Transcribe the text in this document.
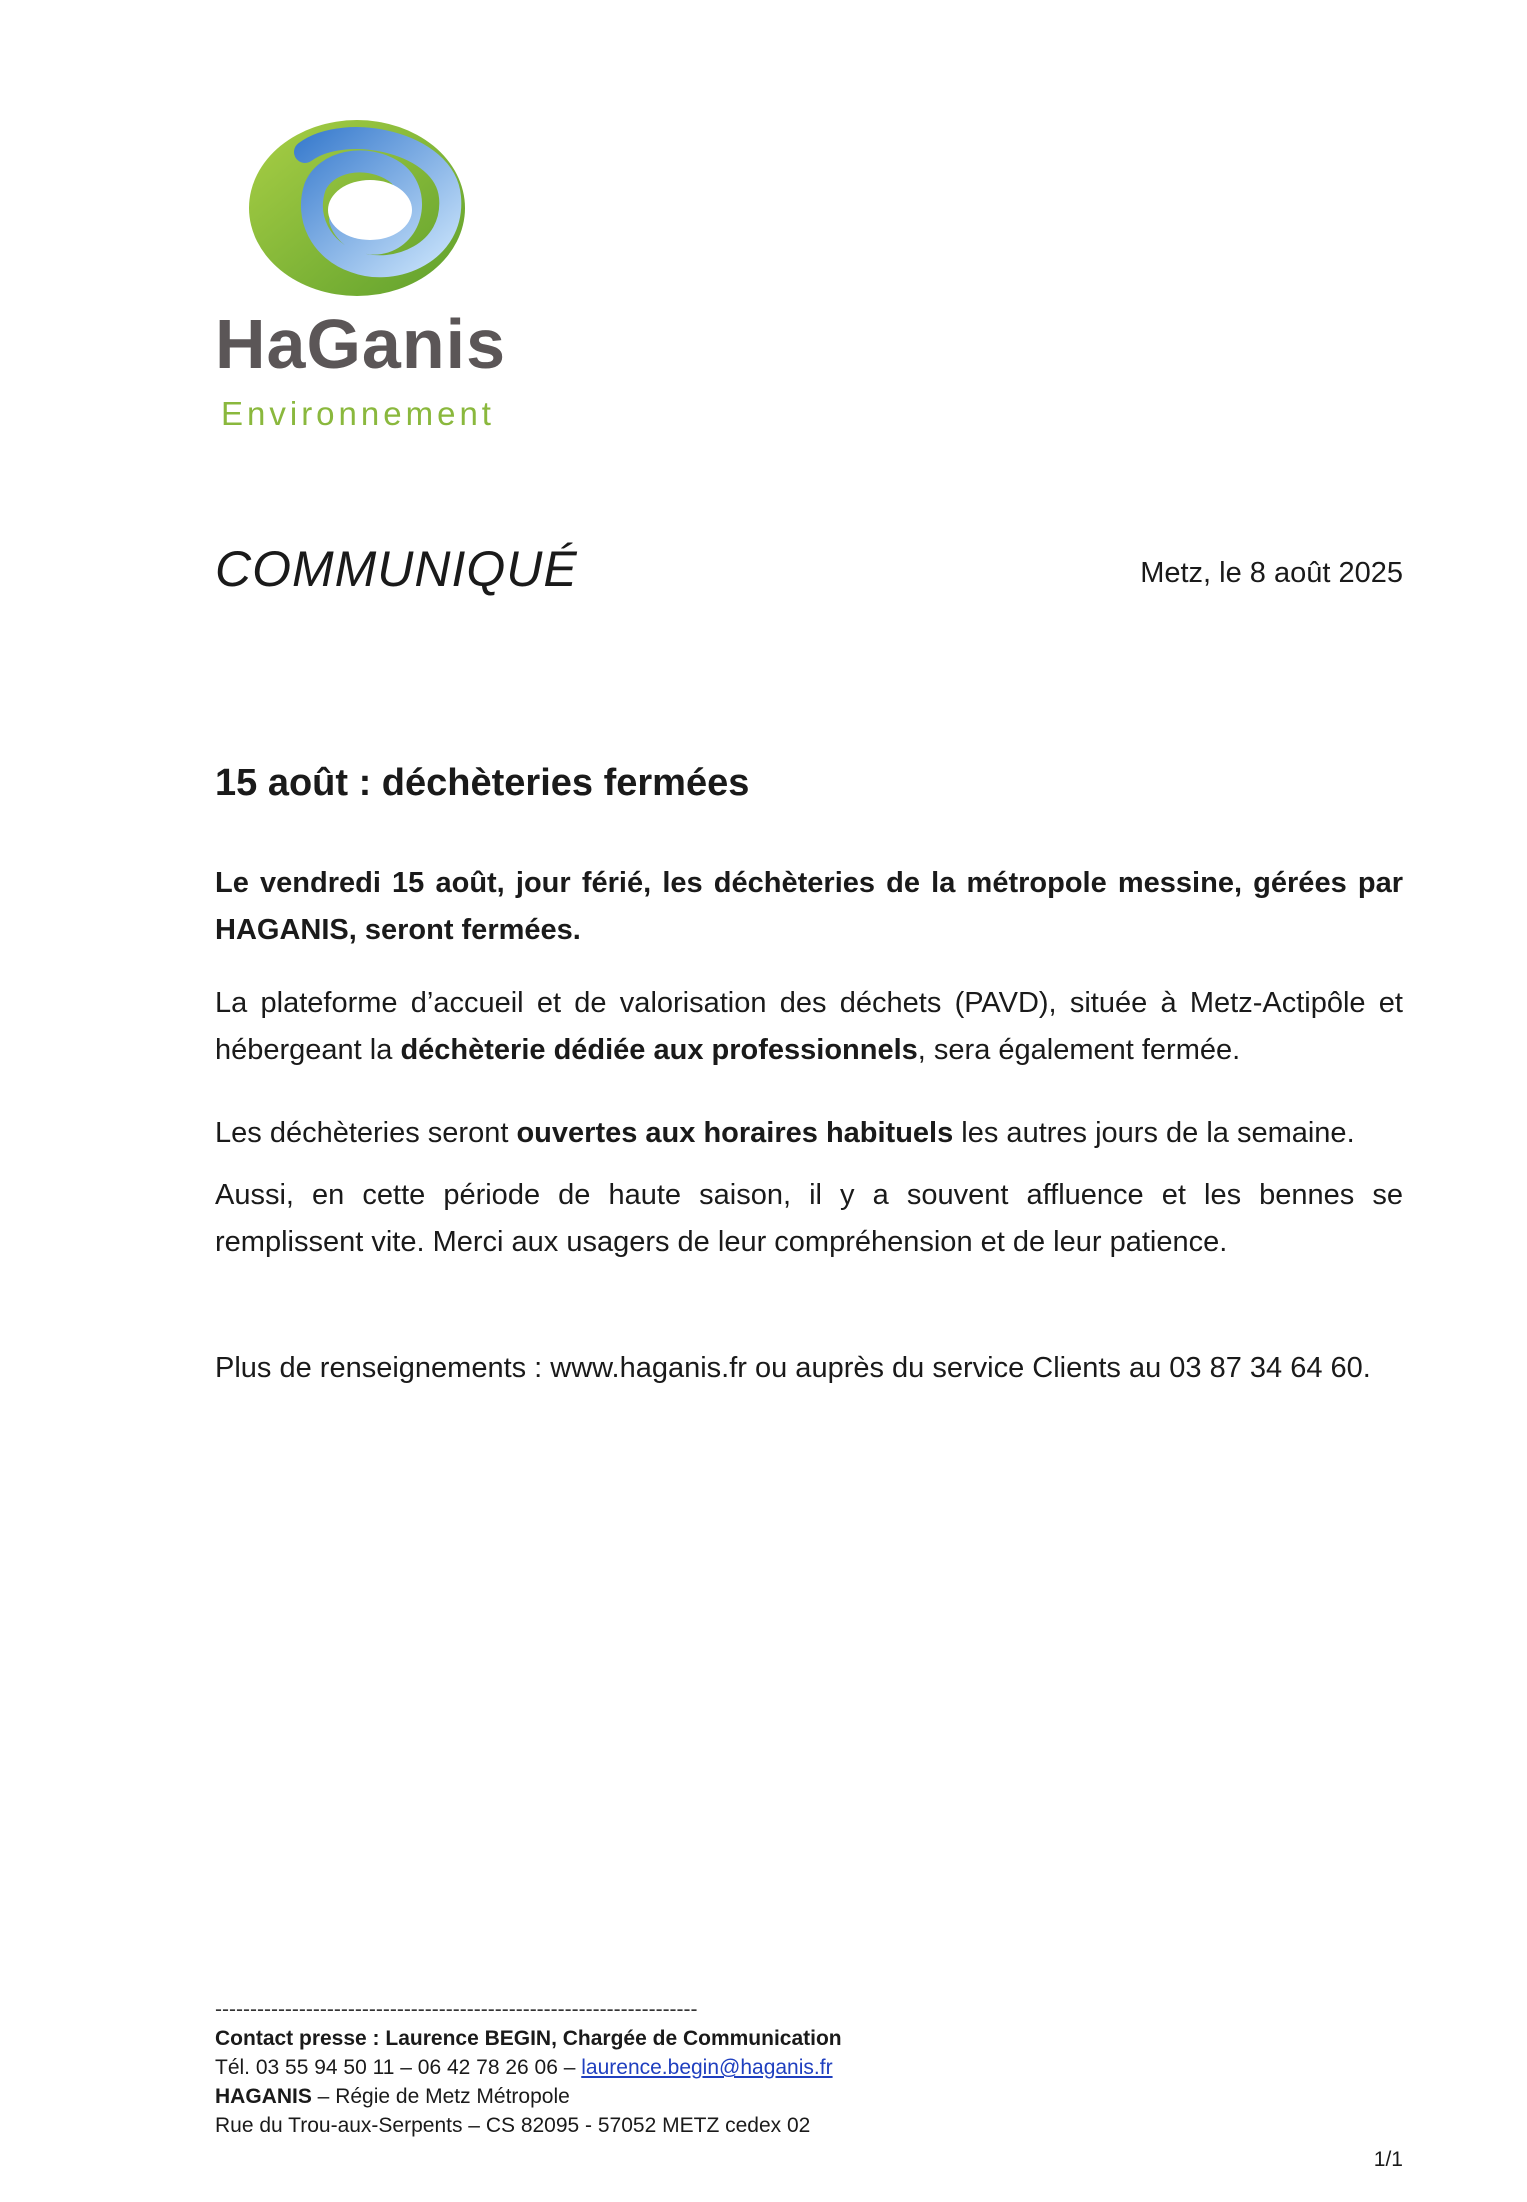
HaGanis
Environnement
COMMUNIQUÉ	Metz, le 8 août 2025
15 août : déchèteries fermées
Le vendredi 15 août, jour férié, les déchèteries de la métropole messine, gérées par HAGANIS, seront fermées.
La plateforme d’accueil et de valorisation des déchets (PAVD), située à Metz-Actipôle et hébergeant la déchèterie dédiée aux professionnels, sera également fermée.
Les déchèteries seront ouvertes aux horaires habituels les autres jours de la semaine.
Aussi, en cette période de haute saison, il y a souvent affluence et les bennes se remplissent vite. Merci aux usagers de leur compréhension et de leur patience.
Plus de renseignements : www.haganis.fr ou auprès du service Clients au 03 87 34 64 60.
---------------------------------------------------------------------
Contact presse : Laurence BEGIN, Chargée de Communication
Tél. 03 55 94 50 11 – 06 42 78 26 06 – laurence.begin@haganis.fr
HAGANIS – Régie de Metz Métropole
Rue du Trou-aux-Serpents – CS 82095 - 57052 METZ cedex 02
1/1
